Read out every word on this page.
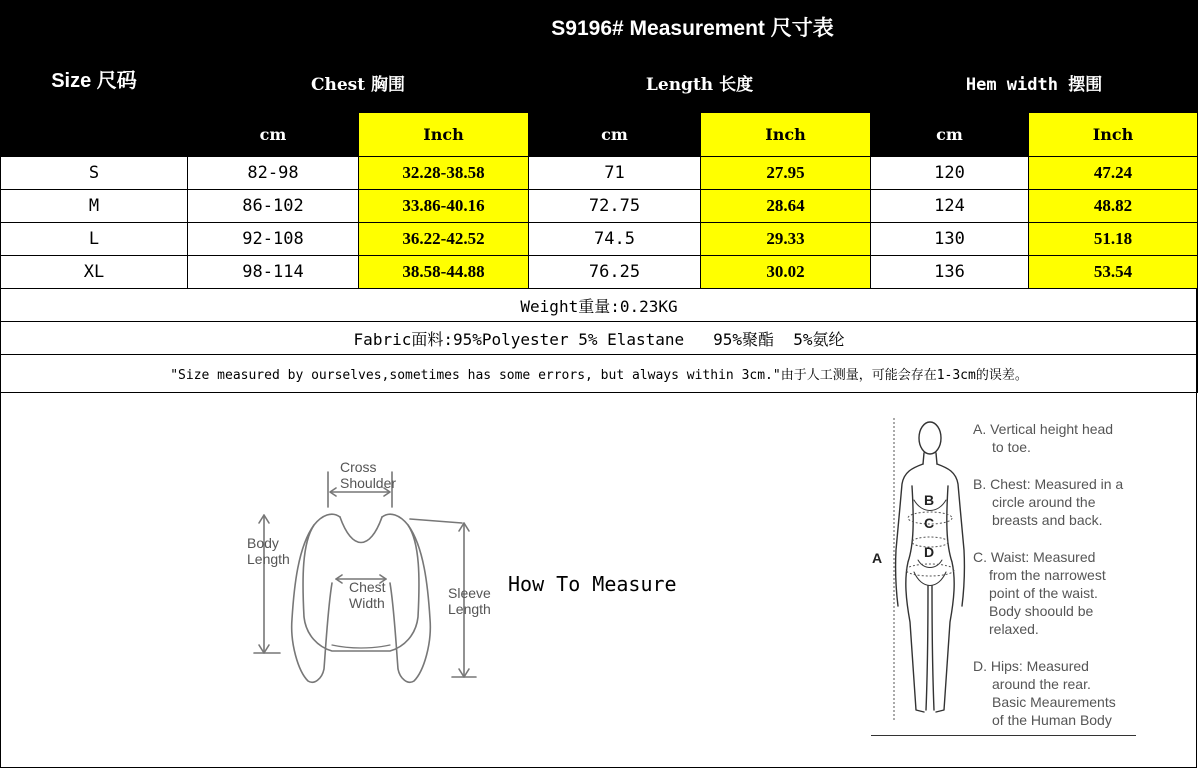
Size 尺码	S9196# Measurement 尺寸表					
	Chest 胸围		Length 长度		Hem width 摆围	
	cm	Inch	cm	Inch	cm	Inch
S	82-98	32.28-38.58	71	27.95	120	47.24
M	86-102	33.86-40.16	72.75	28.64	124	48.82
L	92-108	36.22-42.52	74.5	29.33	130	51.18
XL	98-114	38.58-44.88	76.25	30.02	136	53.54
Weight重量:0.23KG						
Fabric面料:95%Polyester 5% Elastane   95%聚酯  5%氨纶						
"Size measured by ourselves,sometimes has some errors, but always within 3cm."由于人工测量，可能会存在1-3cm的误差。						
Cross
Shoulder
Body
Length
Chest
Width
Sleeve
Length
How To Measure
A
B
C
D
A. Vertical height head
to toe.
B. Chest: Measured in a
circle around the
breasts and back.
C. Waist: Measured
from the narrowest
point of the waist.
Body shoould be
relaxed.
D. Hips: Measured
around the rear.
Basic Meaurements
of the Human Body
